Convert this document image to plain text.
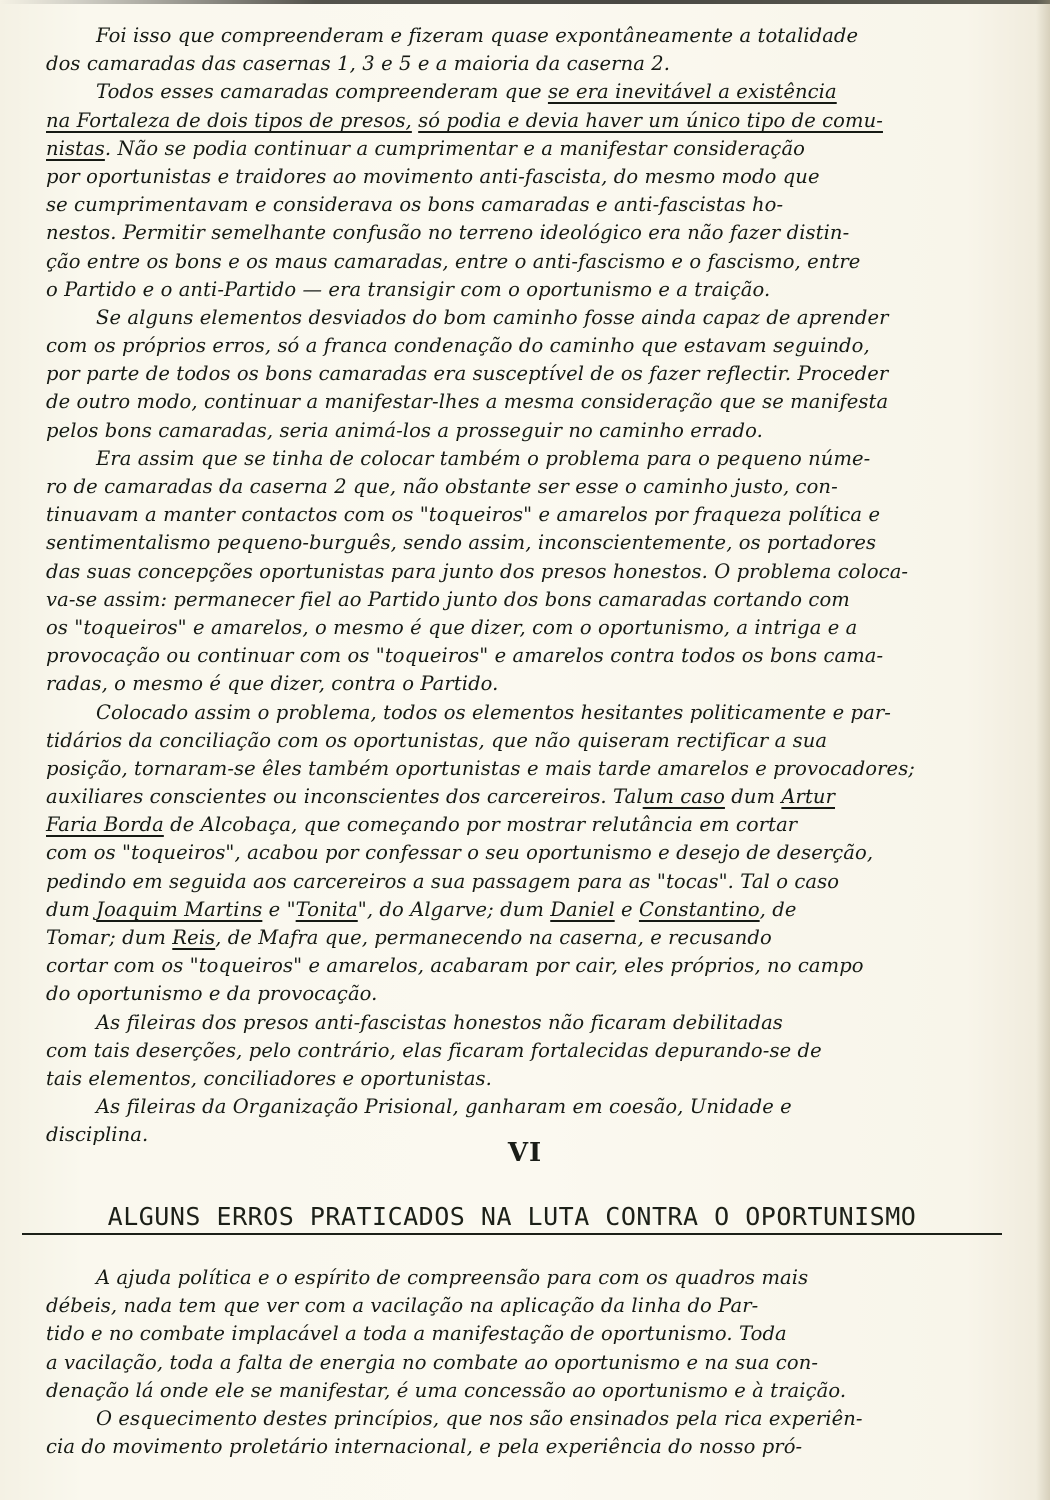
Foi isso que compreenderam e fizeram quase expontâneamente a totalidade
dos camaradas das casernas 1, 3 e 5 e a maioria da caserna 2.
Todos esses camaradas compreenderam que se era inevitável a existência
na Fortaleza de dois tipos de presos, só podia e devia haver um único tipo de comu-
nistas. Não se podia continuar a cumprimentar e a manifestar consideração
por oportunistas e traidores ao movimento anti-fascista, do mesmo modo que
se cumprimentavam e considerava os bons camaradas e anti-fascistas ho-
nestos. Permitir semelhante confusão no terreno ideológico era não fazer distin-
ção entre os bons e os maus camaradas, entre o anti-fascismo e o fascismo, entre
o Partido e o anti-Partido — era transigir com o oportunismo e a traição.
Se alguns elementos desviados do bom caminho fosse ainda capaz de aprender
com os próprios erros, só a franca condenação do caminho que estavam seguindo,
por parte de todos os bons camaradas era susceptível de os fazer reflectir. Proceder
de outro modo, continuar a manifestar-lhes a mesma consideração que se manifesta
pelos bons camaradas, seria animá-los a prosseguir no caminho errado.
Era assim que se tinha de colocar também o problema para o pequeno núme-
ro de camaradas da caserna 2 que, não obstante ser esse o caminho justo, con-
tinuavam a manter contactos com os "toqueiros" e amarelos por fraqueza política e
sentimentalismo pequeno-burguês, sendo assim, inconscientemente, os portadores
das suas concepções oportunistas para junto dos presos honestos. O problema coloca-
va-se assim: permanecer fiel ao Partido junto dos bons camaradas cortando com
os "toqueiros" e amarelos, o mesmo é que dizer, com o oportunismo, a intriga e a
provocação ou continuar com os "toqueiros" e amarelos contra todos os bons cama-
radas, o mesmo é que dizer, contra o Partido.
Colocado assim o problema, todos os elementos hesitantes politicamente e par-
tidários da conciliação com os oportunistas, que não quiseram rectificar a sua
posição, tornaram-se êles também oportunistas e mais tarde amarelos e provocadores;
auxiliares conscientes ou inconscientes dos carcereiros. Talum caso dum Artur
Faria Borda de Alcobaça, que começando por mostrar relutância em cortar
com os "toqueiros", acabou por confessar o seu oportunismo e desejo de deserção,
pedindo em seguida aos carcereiros a sua passagem para as "tocas". Tal o caso
dum Joaquim Martins e "Tonita", do Algarve; dum Daniel e Constantino, de
Tomar; dum Reis, de Mafra que, permanecendo na caserna, e recusando
cortar com os "toqueiros" e amarelos, acabaram por cair, eles próprios, no campo
do oportunismo e da provocação.
As fileiras dos presos anti-fascistas honestos não ficaram debilitadas
com tais deserções, pelo contrário, elas ficaram fortalecidas depurando-se de
tais elementos, conciliadores e oportunistas.
As fileiras da Organização Prisional, ganharam em coesão, Unidade e
disciplina.
VI
ALGUNS ERROS PRATICADOS NA LUTA CONTRA O OPORTUNISMO
A ajuda política e o espírito de compreensão para com os quadros mais
débeis, nada tem que ver com a vacilação na aplicação da linha do Par-
tido e no combate implacável a toda a manifestação de oportunismo. Toda
a vacilação, toda a falta de energia no combate ao oportunismo e na sua con-
denação lá onde ele se manifestar, é uma concessão ao oportunismo e à traição.
O esquecimento destes princípios, que nos são ensinados pela rica experiên-
cia do movimento proletário internacional, e pela experiência do nosso pró-
